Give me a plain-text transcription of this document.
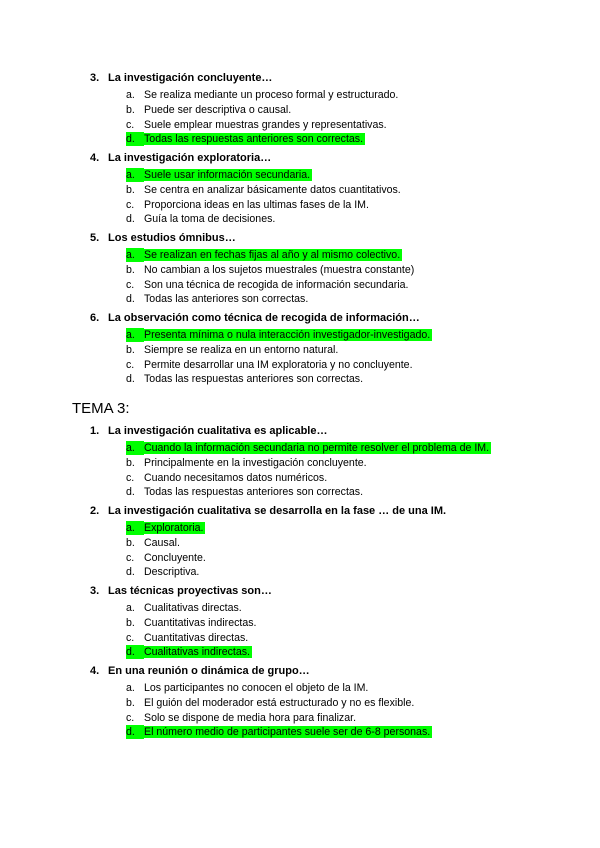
TEMA 3:
3. La investigación concluyente…
a. Se realiza mediante un proceso formal y estructurado.
b. Puede ser descriptiva o causal.
c. Suele emplear muestras grandes y representativas.
d. Todas las respuestas anteriores son correctas.
4. La investigación exploratoria…
a. Suele usar información secundaria.
b. Se centra en analizar básicamente datos cuantitativos.
c. Proporciona ideas en las ultimas fases de la IM.
d. Guía la toma de decisiones.
5. Los estudios ómnibus…
a. Se realizan en fechas fijas al año y al mismo colectivo.
b. No cambian a los sujetos muestrales (muestra constante)
c. Son una técnica de recogida de información secundaria.
d. Todas las anteriores son correctas.
6. La observación como técnica de recogida de información…
a. Presenta mínima o nula interacción investigador-investigado.
b. Siempre se realiza en un entorno natural.
c. Permite desarrollar una IM exploratoria y no concluyente.
d. Todas las respuestas anteriores son correctas.
1. La investigación cualitativa es aplicable…
a. Cuando la información secundaria no permite resolver el problema de IM.
b. Principalmente en la investigación concluyente.
c. Cuando necesitamos datos numéricos.
d. Todas las respuestas anteriores son correctas.
2. La investigación cualitativa se desarrolla en la fase … de una IM.
a. Exploratoria.
b. Causal.
c. Concluyente.
d. Descriptiva.
3. Las técnicas proyectivas son…
a. Cualitativas directas.
b. Cuantitativas indirectas.
c. Cuantitativas directas.
d. Cualitativas indirectas.
4. En una reunión o dinámica de grupo…
a. Los participantes no conocen el objeto de la IM.
b. El guión del moderador está estructurado y no es flexible.
c. Solo se dispone de media hora para finalizar.
d. El número medio de participantes suele ser de 6-8 personas.
